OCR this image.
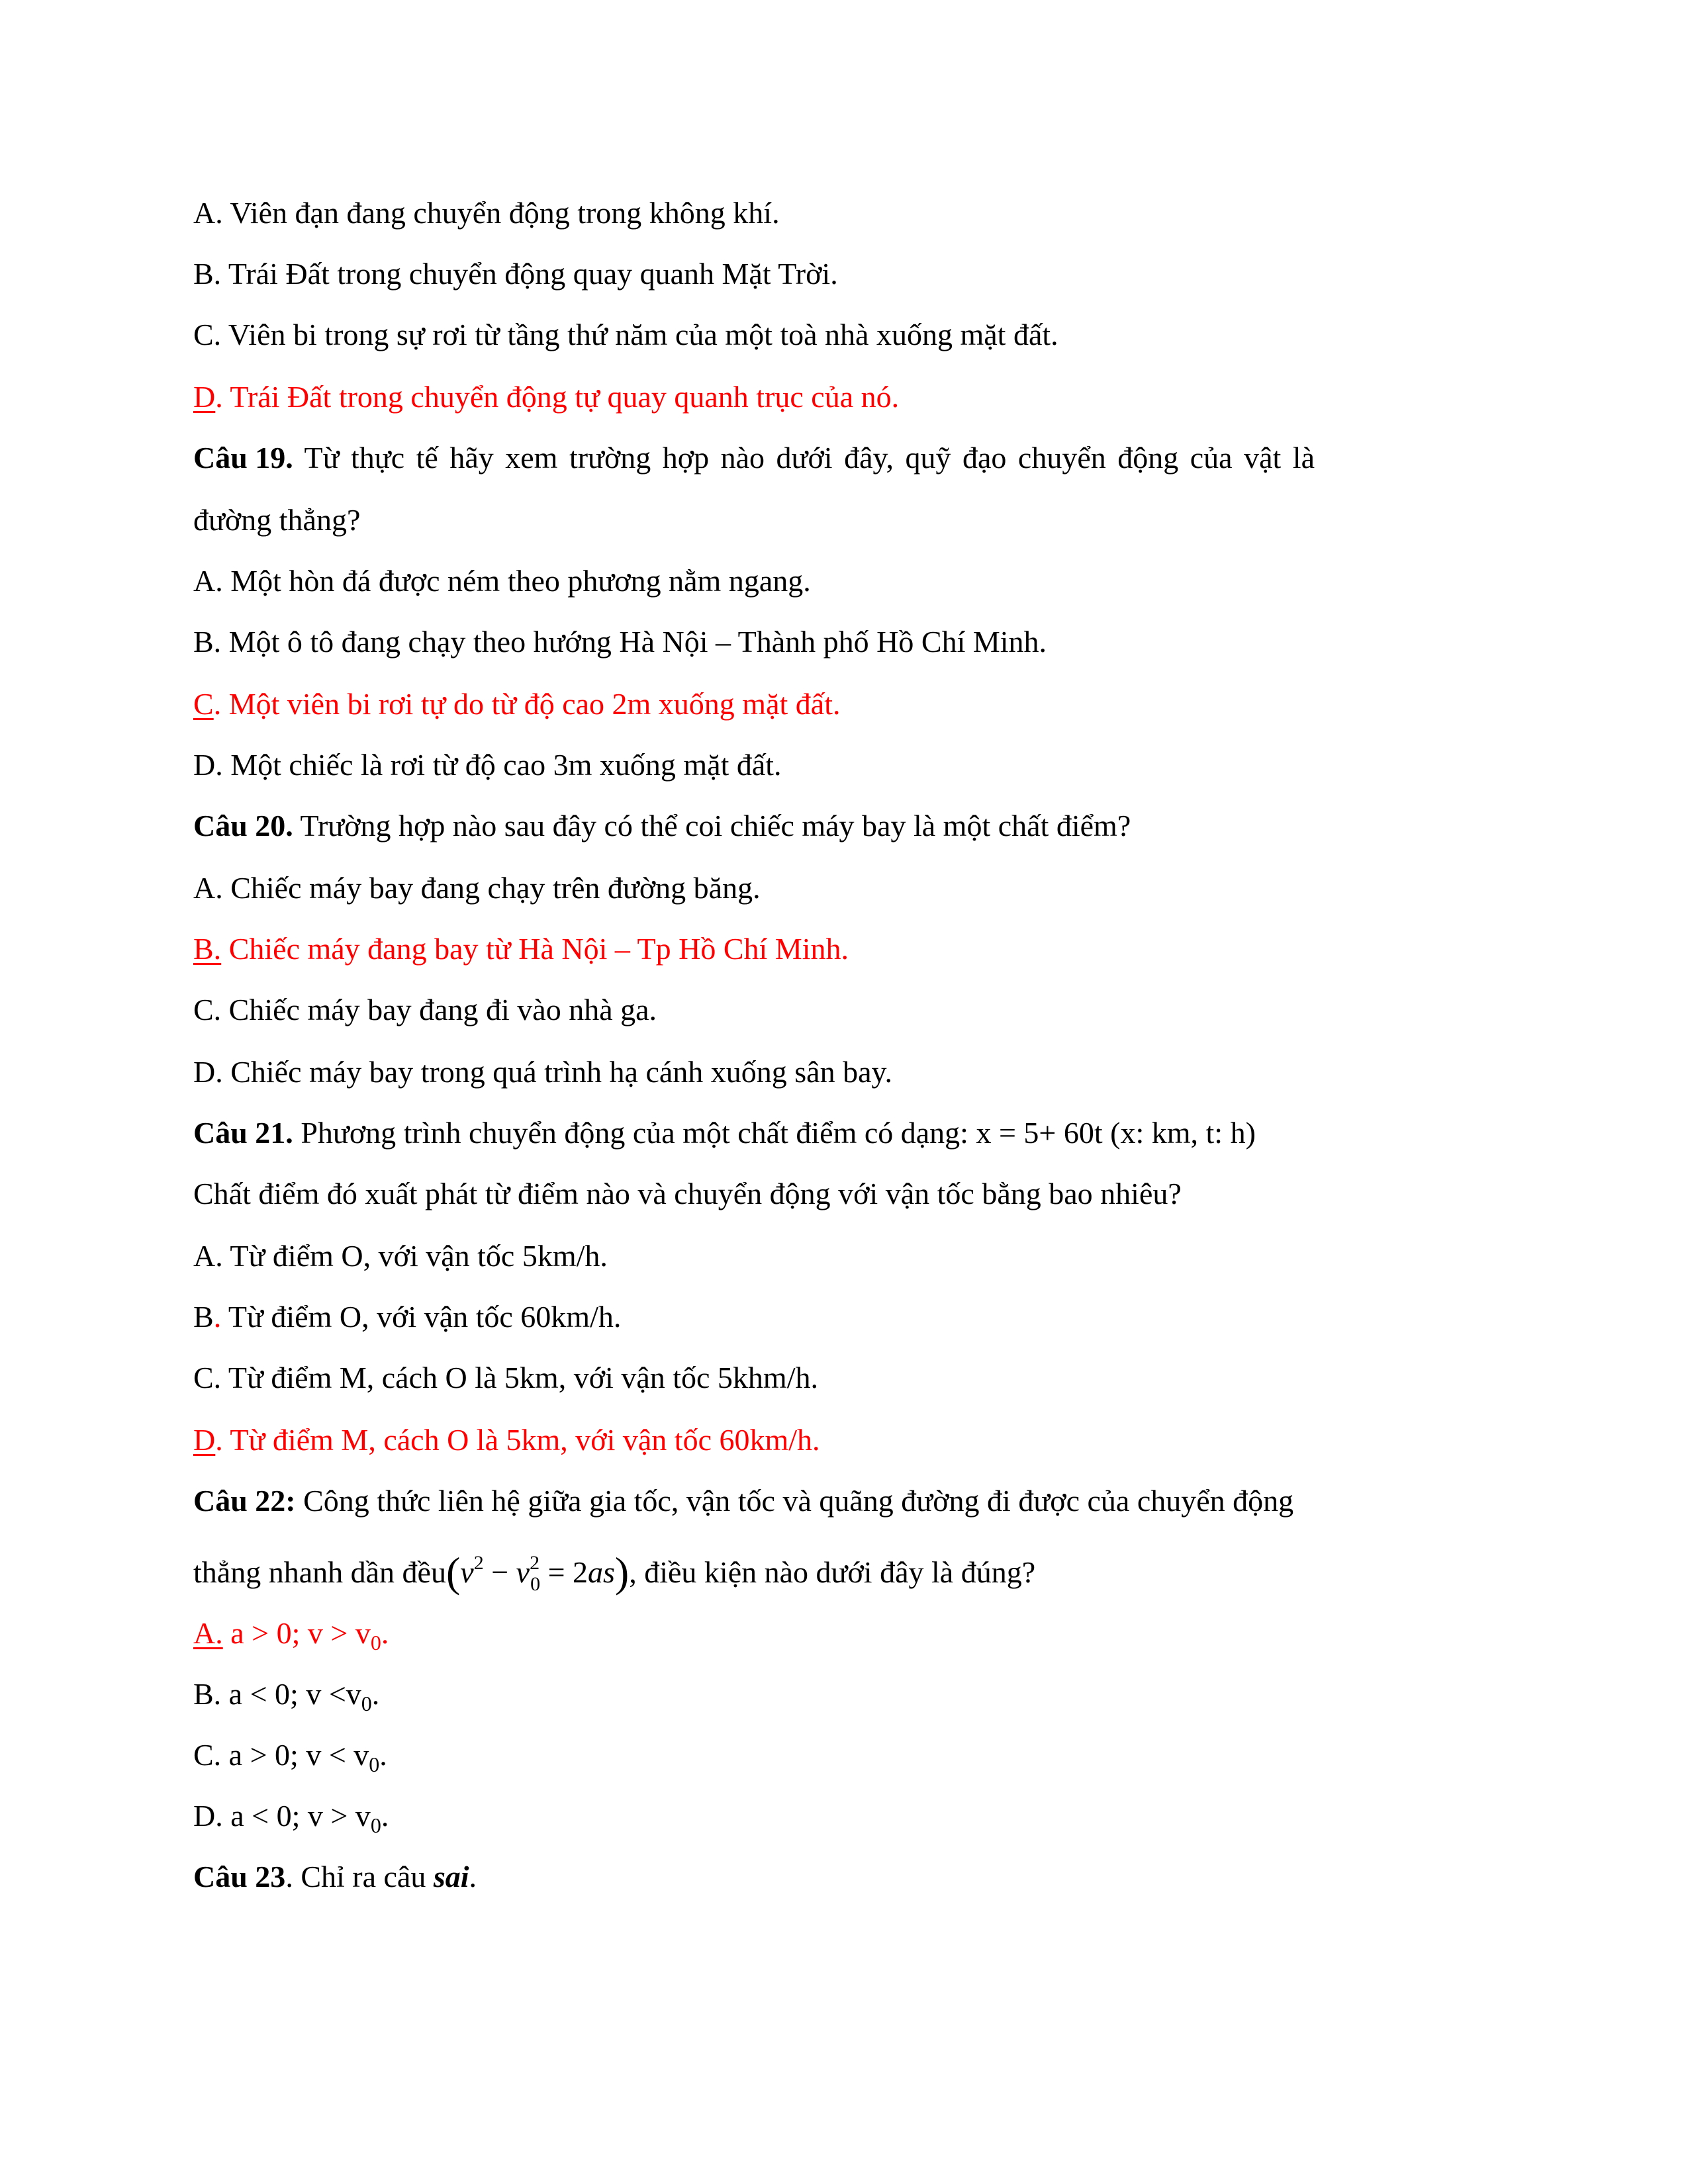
A. Viên đạn đang chuyển động trong không khí.
B. Trái Đất trong chuyển động quay quanh Mặt Trời.
C. Viên bi trong sự rơi từ tầng thứ năm của một toà nhà xuống mặt đất.
D. Trái Đất trong chuyển động tự quay quanh trục của nó.
Câu 19. Từ thực tế hãy xem trường hợp nào dưới đây, quỹ đạo chuyển động của vật là
đường thẳng?
A. Một hòn đá được ném theo phương nằm ngang.
B. Một ô tô đang chạy theo hướng Hà Nội – Thành phố Hồ Chí Minh.
C. Một viên bi rơi tự do từ độ cao 2m xuống mặt đất.
D. Một chiếc là rơi từ độ cao 3m xuống mặt đất.
Câu 20. Trường hợp nào sau đây có thể coi chiếc máy bay là một chất điểm?
A. Chiếc máy bay đang chạy trên đường băng.
B. Chiếc máy đang bay từ Hà Nội – Tp Hồ Chí Minh.
C. Chiếc máy bay đang đi vào nhà ga.
D. Chiếc máy bay trong quá trình hạ cánh xuống sân bay.
Câu 21. Phương trình chuyển động của một chất điểm có dạng: x = 5+ 60t (x: km, t: h)
Chất điểm đó xuất phát từ điểm nào và chuyển động với vận tốc bằng bao nhiêu?
A. Từ điểm O, với vận tốc 5km/h.
B. Từ điểm O, với vận tốc 60km/h.
C. Từ điểm M, cách O là 5km, với vận tốc 5khm/h.
D. Từ điểm M, cách O là 5km, với vận tốc 60km/h.
Câu 22: Công thức liên hệ giữa gia tốc, vận tốc và quãng đường đi được của chuyển động
thẳng nhanh dần $đều(v^2 - v^2_0 = 2as)$, điều kiện nào dưới đây là đúng?
A. a > 0; $v > v_0$.
B. a < 0; $v <v_0$.
C. a > 0; $v < v_0$.
D. a < 0; $v > v_0$.
Câu 23. Chỉ ra câu sai.
